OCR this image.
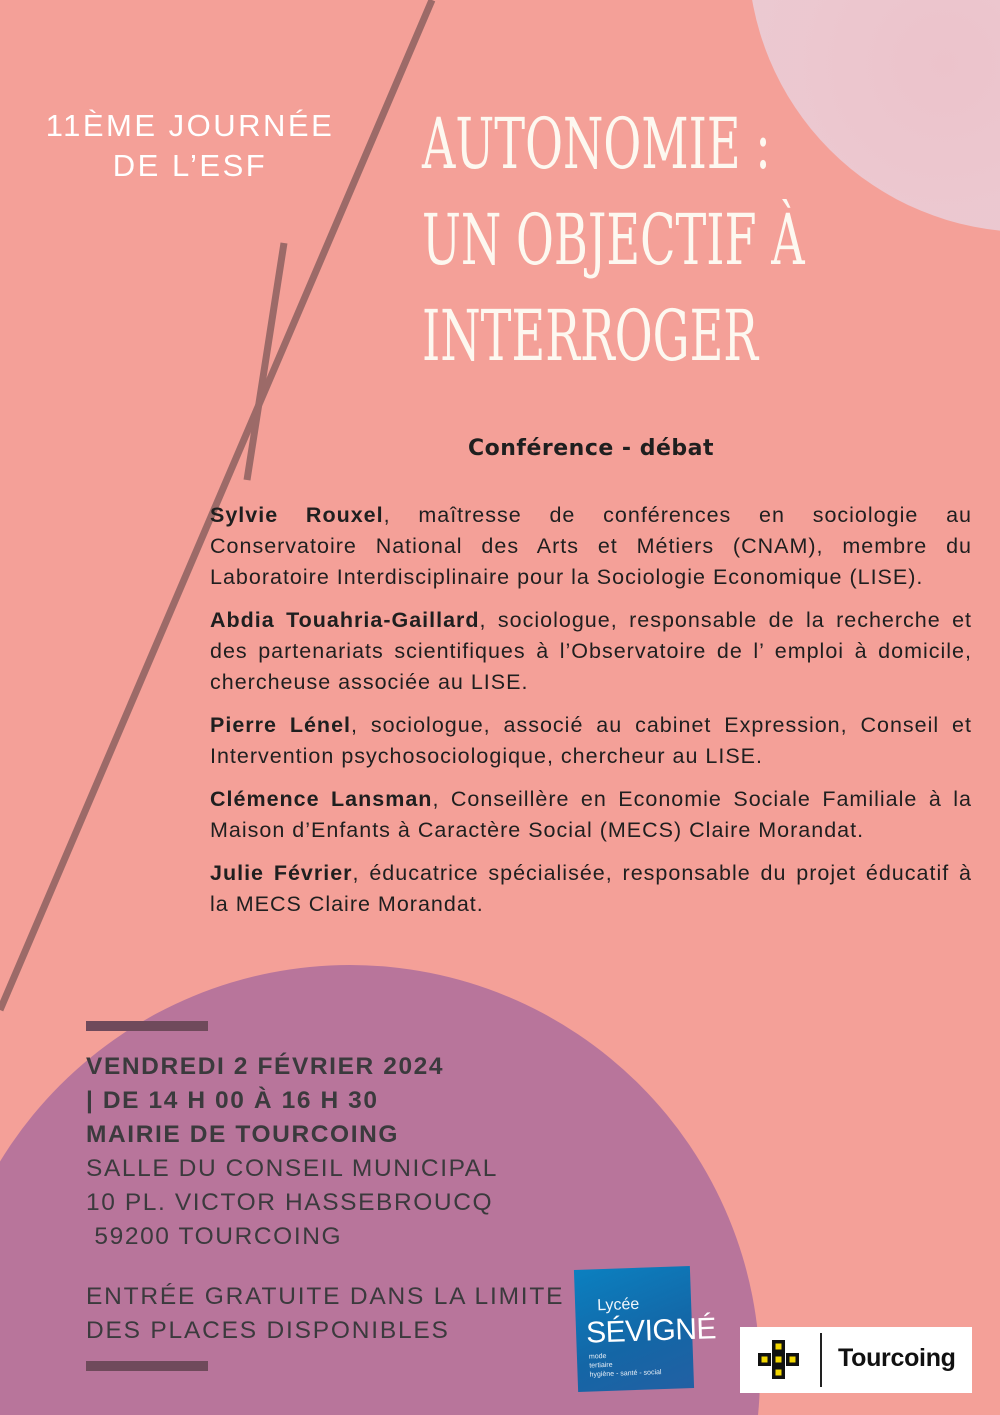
11ÈME JOURNÉE
DE L’ESF	AUTONOMIE :
UN OBJECTIF À
INTERROGER
Conférence - débat

Sylvie Rouxel, maîtresse de conférences en sociologie au Conservatoire National des Arts et Métiers (CNAM), membre du Laboratoire Interdisciplinaire pour la Sociologie Economique (LISE).

Abdia Touahria-Gaillard, sociologue, responsable de la recherche et des partenariats scientifiques à l’Observatoire de l’ emploi à domicile, chercheuse associée au LISE.

Pierre Lénel, sociologue, associé au cabinet Expression, Conseil et Intervention psychosociologique, chercheur au LISE.

Clémence Lansman, Conseillère en Economie Sociale Familiale à la Maison d’Enfants à Caractère Social (MECS) Claire Morandat.

Julie Février, éducatrice spécialisée, responsable du projet éducatif à la MECS Claire Morandat.

VENDREDI 2 FÉVRIER 2024
| DE 14 H 00 À 16 H 30
MAIRIE DE TOURCOING
SALLE DU CONSEIL MUNICIPAL
10 PL. VICTOR HASSEBROUCQ
59200 TOURCOING
ENTRÉE GRATUITE DANS LA LIMITE
DES PLACES DISPONIBLES
Lycée
SÉVIGNÉ
mode
tertiaire
hygiène - santé - social
Tourcoing
